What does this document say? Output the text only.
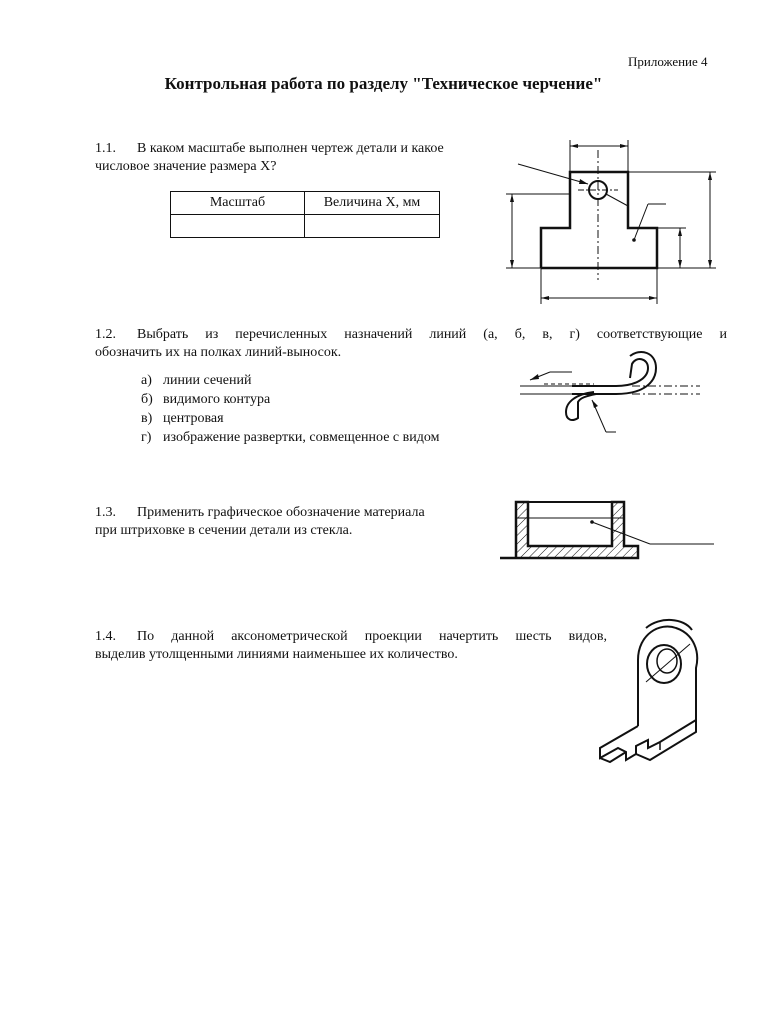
Приложение 4
Контрольная работа по разделу "Техническое черчение"
1.1. В каком масштабе выполнен чертеж детали и какое
числовое значение размера Х?
Масштаб	Величина Х, мм

1.2. Выбрать из перечисленных назначений линий (а, б, в, г) соответствующие и
обозначить их на полках линий-выносок.
а) линии сечений
б) видимого контура
в) центровая
г) изображение развертки, совмещенное с видом
1.3. Применить графическое обозначение материала
при штриховке в сечении детали из стекла.
1.4. По данной аксонометрической проекции начертить шесть видов,
выделив утолщенными линиями наименьшее их количество.
